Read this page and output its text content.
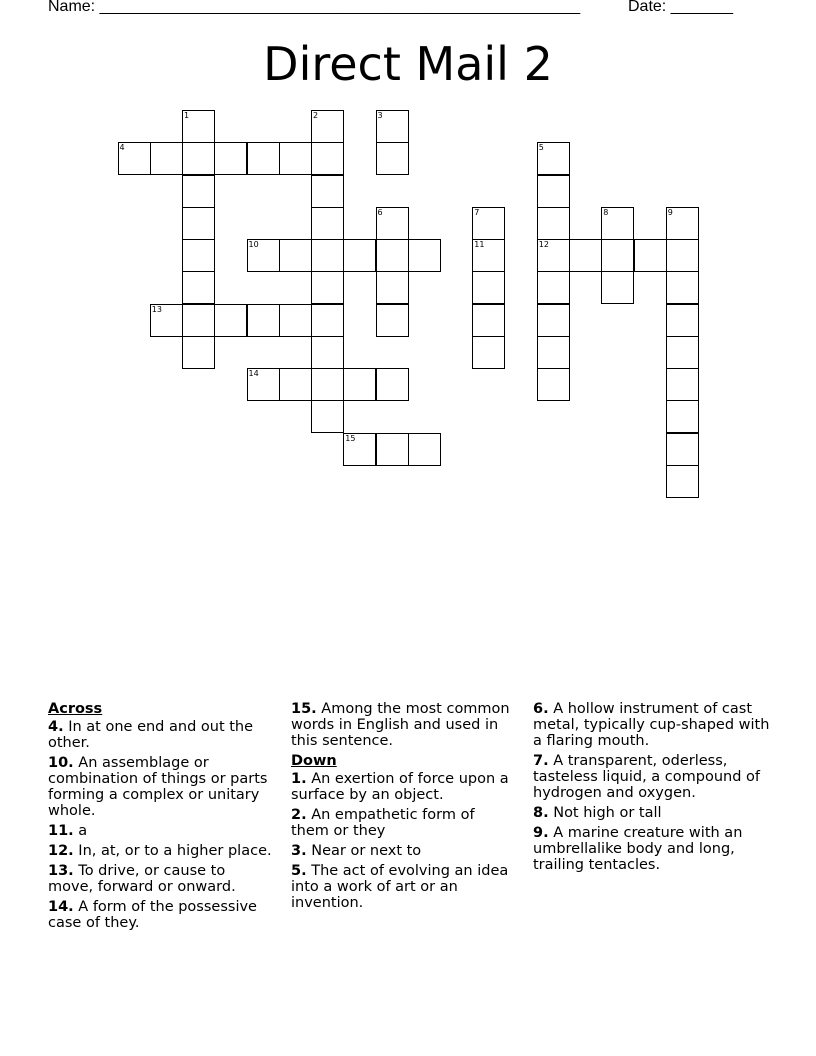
Name: ______________________________________________________	Date: _______
Direct Mail 2
1	2	3
4	5
12
6	7
11
8	9
10
13
14
15
Across
4. In at one end and out the other.
10. An assemblage or combination of things or parts forming a complex or unitary whole.
11. a
12. In, at, or to a higher place.
13. To drive, or cause to move, forward or onward.
14. A form of the possessive case of they.
15. Among the most common words in English and used in this sentence.
Down
1. An exertion of force upon a surface by an object.
2. An empathetic form of them or they
3. Near or next to
5. The act of evolving an idea into a work of art or an invention.
6. A hollow instrument of cast metal, typically cup-shaped with a flaring mouth.
7. A transparent, oderless, tasteless liquid, a compound of hydrogen and oxygen.
8. Not high or tall
9. A marine creature with an umbrellalike body and long, trailing tentacles.
